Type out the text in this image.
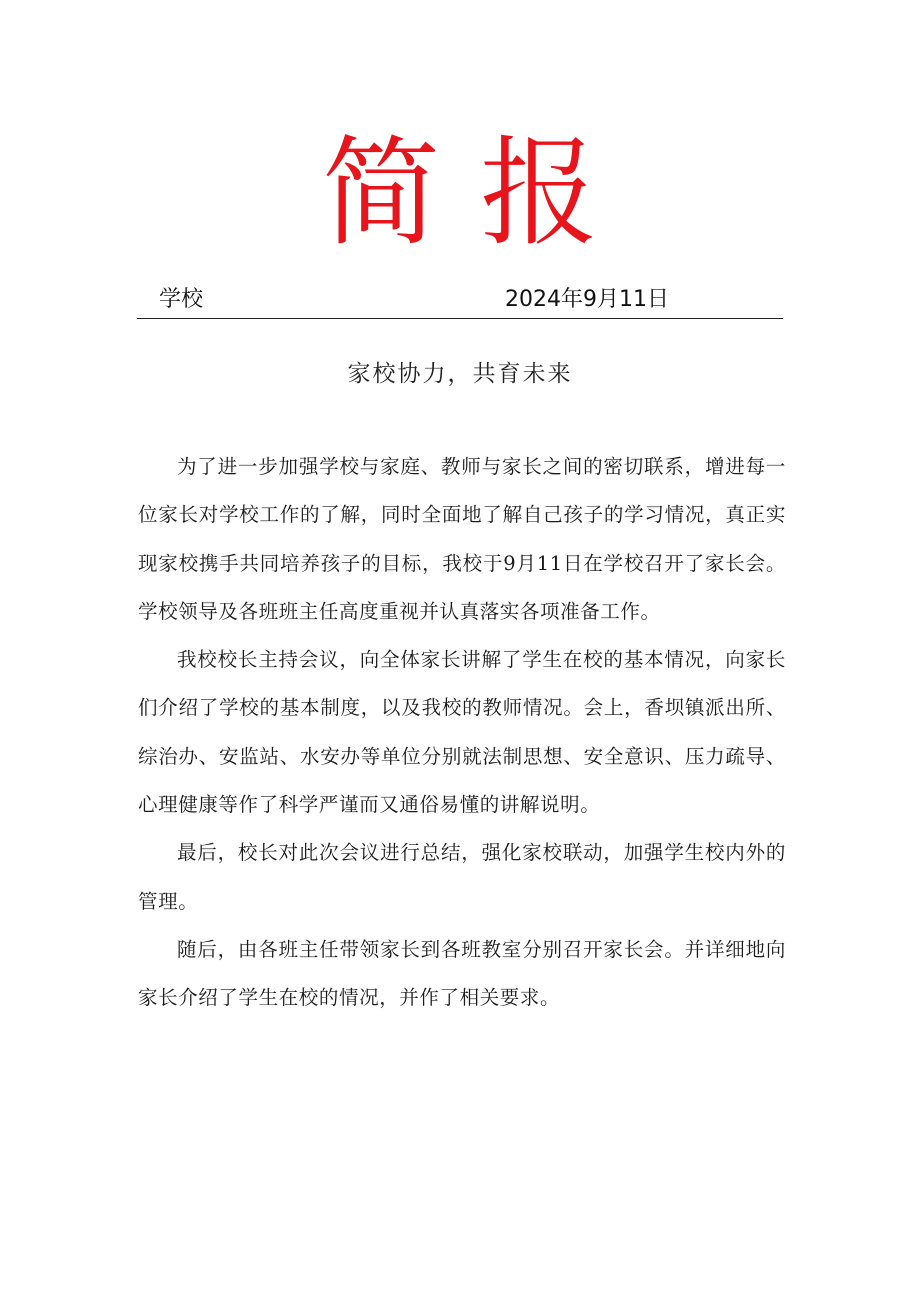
简报
学校	2024年9月11日
家校协力，共育未来

为了进一步加强学校与家庭、教师与家长之间的密切联系，增进每一位家长对学校工作的了解，同时全面地了解自己孩子的学习情况，真正实现家校携手共同培养孩子的目标，我校于9月11日在学校召开了家长会。学校领导及各班班主任高度重视并认真落实各项准备工作。

我校校长主持会议，向全体家长讲解了学生在校的基本情况，向家长们介绍了学校的基本制度，以及我校的教师情况。会上，香坝镇派出所、综治办、安监站、水安办等单位分别就法制思想、安全意识、压力疏导、心理健康等作了科学严谨而又通俗易懂的讲解说明。

最后，校长对此次会议进行总结，强化家校联动，加强学生校内外的管理。

随后，由各班主任带领家长到各班教室分别召开家长会。并详细地向家长介绍了学生在校的情况，并作了相关要求。
